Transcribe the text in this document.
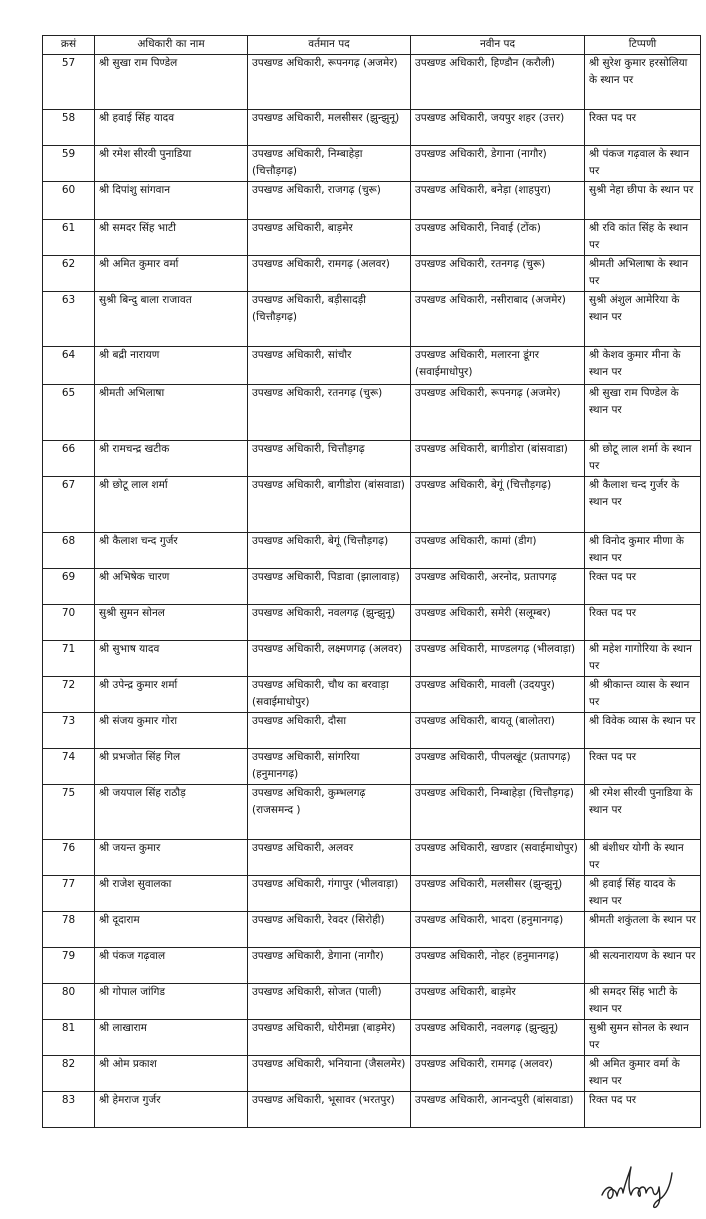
क्रसं	अधिकारी का नाम	वर्तमान पद	नवीन पद	टिप्पणी
57	श्री सुखा राम पिण्डेल	उपखण्ड अधिकारी, रूपनगढ़ (अजमेर)	उपखण्ड अधिकारी, हिण्डौन (करौली)	श्री सुरेश कुमार हरसोलिया के स्थान पर
58	श्री हवाई सिंह यादव	उपखण्ड अधिकारी, मलसीसर (झुन्झुनू)	उपखण्ड अधिकारी, जयपुर शहर (उत्तर)	रिक्त पद पर
59	श्री रमेश सीरवी पुनाडिया	उपखण्ड अधिकारी, निम्बाहेड़ा (चित्तौड़गढ़)	उपखण्ड अधिकारी, डेगाना (नागौर)	श्री पंकज गढ़वाल के स्थान पर
60	श्री दिपांशु सांगवान	उपखण्ड अधिकारी, राजगढ़ (चुरू)	उपखण्ड अधिकारी, बनेड़ा (शाहपुरा)	सुश्री नेहा छीपा के स्थान पर
61	श्री समदर सिंह भाटी	उपखण्ड अधिकारी, बाड़मेर	उपखण्ड अधिकारी, निवाई (टोंक)	श्री रवि कांत सिंह के स्थान पर
62	श्री अमित कुमार वर्मा	उपखण्ड अधिकारी, रामगढ़ (अलवर)	उपखण्ड अधिकारी, रतनगढ़ (चुरू)	श्रीमती अभिलाषा के स्थान पर
63	सुश्री बिन्दु बाला राजावत	उपखण्ड अधिकारी, बड़ीसादड़ी (चित्तौड़गढ़)	उपखण्ड अधिकारी, नसीराबाद (अजमेर)	सुश्री अंशुल आमेरिया के स्थान पर
64	श्री बद्री नारायण	उपखण्ड अधिकारी, सांचौर	उपखण्ड अधिकारी, मलारना डूंगर (सवाईमाधोपुर)	श्री केशव कुमार मीना के स्थान पर
65	श्रीमती अभिलाषा	उपखण्ड अधिकारी, रतनगढ़ (चुरू)	उपखण्ड अधिकारी, रूपनगढ़ (अजमेर)	श्री सुखा राम पिण्डेल के स्थान पर
66	श्री रामचन्द्र खटीक	उपखण्ड अधिकारी, चित्तौड़गढ़	उपखण्ड अधिकारी, बागीडोरा (बांसवाडा)	श्री छोटू लाल शर्मा के स्थान पर
67	श्री छोटू लाल शर्मा	उपखण्ड अधिकारी, बागीडोरा (बांसवाडा)	उपखण्ड अधिकारी, बेगूं (चित्तौड़गढ़)	श्री कैलाश चन्द गुर्जर के स्थान पर
68	श्री कैलाश चन्द गुर्जर	उपखण्ड अधिकारी, बेगूं (चित्तौड़गढ़)	उपखण्ड अधिकारी, कामां (डीग)	श्री विनोद कुमार मीणा के स्थान पर
69	श्री अभिषेक चारण	उपखण्ड अधिकारी, पिडावा (झालावाड़)	उपखण्ड अधिकारी, अरनोद, प्रतापगढ़	रिक्त पद पर
70	सुश्री सुमन सोनल	उपखण्ड अधिकारी, नवलगढ़ (झुन्झुनू)	उपखण्ड अधिकारी, समेरी (सलूम्बर)	रिक्त पद पर
71	श्री सुभाष यादव	उपखण्ड अधिकारी, लक्ष्मणगढ़ (अलवर)	उपखण्ड अधिकारी, माण्डलगढ़ (भीलवाड़ा)	श्री महेश गागोरिया के स्थान पर
72	श्री उपेन्द्र कुमार शर्मा	उपखण्ड अधिकारी, चौथ का बरवाड़ा (सवाईमाधोपुर)	उपखण्ड अधिकारी, मावली (उदयपुर)	श्री श्रीकान्त व्यास के स्थान पर
73	श्री संजय कुमार गोरा	उपखण्ड अधिकारी, दौसा	उपखण्ड अधिकारी, बायतू (बालोतरा)	श्री विवेक व्यास के स्थान पर
74	श्री प्रभजोत सिंह गिल	उपखण्ड अधिकारी, सांगरिया (हनुमानगढ़)	उपखण्ड अधिकारी, पीपलखूंट (प्रतापगढ़)	रिक्त पद पर
75	श्री जयपाल सिंह राठौड़	उपखण्ड अधिकारी, कुम्भलगढ़ (राजसमन्द )	उपखण्ड अधिकारी, निम्बाहेड़ा (चित्तौड़गढ़)	श्री रमेश सीरवी पुनाडिया के स्थान पर
76	श्री जयन्त कुमार	उपखण्ड अधिकारी, अलवर	उपखण्ड अधिकारी, खण्डार (सवाईमाधोपुर)	श्री बंशीधर योगी के स्थान पर
77	श्री राजेश सुवालका	उपखण्ड अधिकारी, गंगापुर (भीलवाड़ा)	उपखण्ड अधिकारी, मलसीसर (झुन्झुनू)	श्री हवाई सिंह यादव के स्थान पर
78	श्री दूदाराम	उपखण्ड अधिकारी, रेवदर (सिरोही)	उपखण्ड अधिकारी, भादरा (हनुमानगढ़)	श्रीमती शकुंतला के स्थान पर
79	श्री पंकज गढ़वाल	उपखण्ड अधिकारी, डेगाना (नागौर)	उपखण्ड अधिकारी, नोहर (हनुमानगढ़)	श्री सत्यनारायण के स्थान पर
80	श्री गोपाल जांगिड	उपखण्ड अधिकारी, सोजत (पाली)	उपखण्ड अधिकारी, बाड़मेर	श्री समदर सिंह भाटी के स्थान पर
81	श्री लाखाराम	उपखण्ड अधिकारी, धोरीमन्ना (बाड़मेर)	उपखण्ड अधिकारी, नवलगढ़ (झुन्झुनू)	सुश्री सुमन सोनल के स्थान पर
82	श्री ओम प्रकाश	उपखण्ड अधिकारी, भनियाना (जैसलमेर)	उपखण्ड अधिकारी, रामगढ़ (अलवर)	श्री अमित कुमार वर्मा के स्थान पर
83	श्री हेमराज गुर्जर	उपखण्ड अधिकारी, भूसावर (भरतपुर)	उपखण्ड अधिकारी, आनन्दपुरी (बांसवाडा)	रिक्त पद पर
